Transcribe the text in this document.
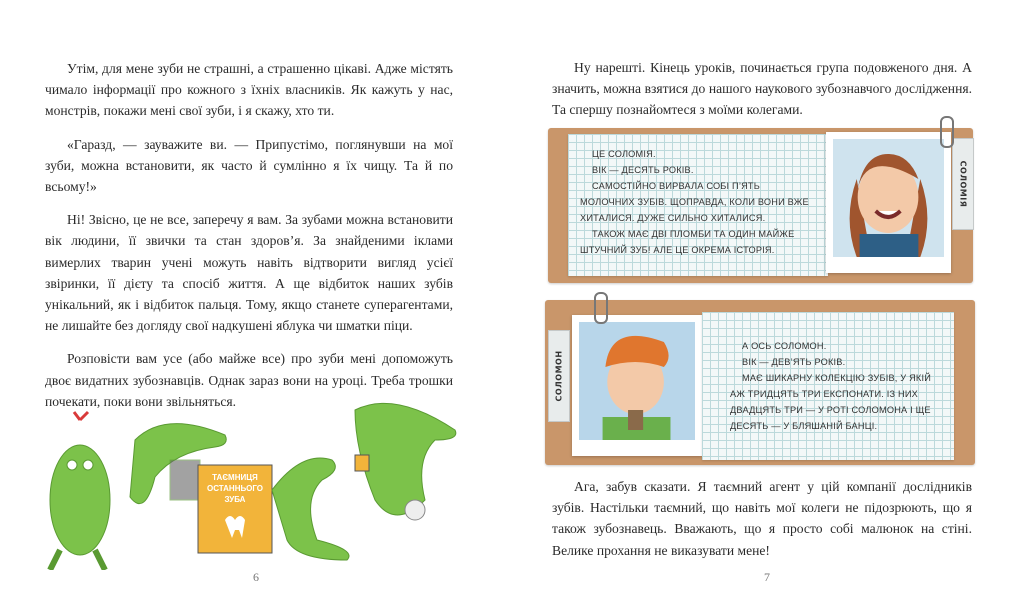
Утім, для мене зуби не страшні, а страшенно цікаві. Адже містять чимало інформації про кожного з їхніх власників. Як кажуть у нас, монстрів, покажи мені свої зуби, і я скажу, хто ти.

«Гаразд, — зауважите ви. — Припустімо, поглянувши на мої зуби, можна встановити, як часто й сумлінно я їх чищу. Та й по всьому!»

Ні! Звісно, це не все, заперечу я вам. За зубами можна встановити вік людини, її звички та стан здоров’я. За знайденими іклами вимерлих тварин учені можуть навіть відтворити вигляд усієї звіринки, її дієту та спосіб життя. А ще відбиток наших зубів унікальний, як і відбиток пальця. Тому, якщо станете суперагентами, не лишайте без догляду свої надкушені яблука чи шматки піци.

Розповісти вам усе (або майже все) про зуби мені допоможуть двоє видатних зубознавців. Однак зараз вони на уроці. Треба трошки почекати, поки вони звільняться.

ТАЄМНИЦЯ ОСТАННЬОГО ЗУБА
6

Ну нарешті. Кінець уроків, починається група подовженого дня. А значить, можна взятися до нашого наукового зубознавчого дослідження. Та спершу познайомтеся з моїми колегами.

ЦЕ СОЛОМІЯ.

ВІК — ДЕСЯТЬ РОКІВ.

САМОСТІЙНО ВИРВАЛА СОБІ П’ЯТЬ МОЛОЧНИХ ЗУБІВ. ЩОПРАВДА, КОЛИ ВОНИ ВЖЕ ХИТАЛИСЯ. ДУЖЕ СИЛЬНО ХИТАЛИСЯ.

ТАКОЖ МАЄ ДВІ ПЛОМБИ ТА ОДИН МАЙЖЕ ШТУЧНИЙ ЗУБ! АЛЕ ЦЕ ОКРЕМА ІСТОРІЯ.

СОЛОМІЯ
СОЛОМОН

А ОСЬ СОЛОМОН.

ВІК — ДЕВ’ЯТЬ РОКІВ.

МАЄ ШИКАРНУ КОЛЕКЦІЮ ЗУБІВ, У ЯКІЙ АЖ ТРИДЦЯТЬ ТРИ ЕКСПОНАТИ. ІЗ НИХ ДВАДЦЯТЬ ТРИ — У РОТІ СОЛОМОНА І ЩЕ ДЕСЯТЬ — У БЛЯШАНІЙ БАНЦІ.

Ага, забув сказати. Я таємний агент у цій компанії дослідників зубів. Настільки таємний, що навіть мої колеги не підозрюють, що я також зубознавець. Вважають, що я просто собі малюнок на стіні. Велике прохання не виказувати мене!

7
